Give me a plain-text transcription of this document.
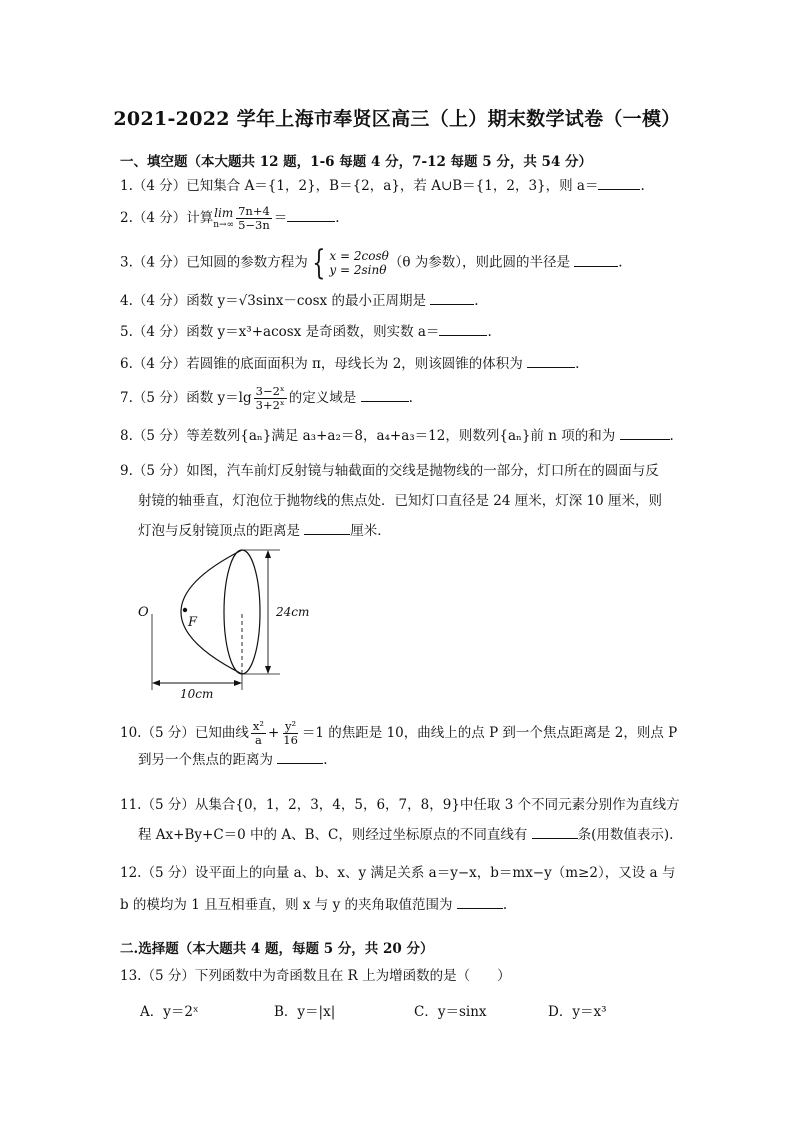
2021-2022 学年上海市奉贤区高三（上）期末数学试卷（一模）
一、填空题（本大题共 12 题，1-6 每题 4 分，7-12 每题 5 分，共 54 分）
1.（4 分）已知集合 A＝{1，2}，B＝{2，a}，若 A∪B＝{1，2，3}，则 a＝	.
2.（4 分）计算 lim
$n\to\infty \frac{7n+4}{5-3n}$ ＝	.
3.（4 分）已知圆的参数方程为 { x = 2cosθ
y = 2sinθ （θ 为参数），则此圆的半径是	.
4.（4 分）函数 y＝√3sinx－cosx 的最小正周期是	.
5.（4 分）函数 y＝x³+acosx 是奇函数，则实数 a＝	.
6.（4 分）若圆锥的底面面积为 π，母线长为 2，则该圆锥的体积为	.
7.（5 分）函数 $y=\lg \frac{\text{3−2ˣ}}{\text{3+2ˣ}}$ 的定义域是	.
8.（5 分）等差数列{aₙ}满足 a₃+a₂＝8，a₄+a₃＝12，则数列{aₙ}前 n 项的和为	.
9.（5 分）如图，汽车前灯反射镜与轴截面的交线是抛物线的一部分，灯口所在的圆面与反
射镜的轴垂直，灯泡位于抛物线的焦点处．已知灯口直径是 24 厘米，灯深 10 厘米，则
灯泡与反射镜顶点的距离是	厘米．
O
F
24cm
10cm
10.（5 分）已知曲线 $\frac{\text{x²}}{a} + \frac{\text{y²}}{16} =1$ 的焦距是 10，曲线上的点 P 到一个焦点距离是 2，则点 P
到另一个焦点的距离为	.
11.（5 分）从集合{0，1，2，3，4，5，6，7，8，9}中任取 3 个不同元素分别作为直线方
程 Ax+By+C＝0 中的 A、B、C，则经过坐标原点的不同直线有	条(用数值表示).
12.（5 分）设平面上的向量 a、b、x、y 满足关系 a＝y−x，b＝mx−y（m≥2），又设 a 与
b 的模均为 1 且互相垂直，则 x 与 y 的夹角取值范围为	.
二.选择题（本大题共 4 题，每题 5 分，共 20 分）
13.（5 分）下列函数中为奇函数且在 R 上为增函数的是（　　）
A．y＝2ˣ	B．y＝|x|	C．y＝sinx	D．y＝x³
